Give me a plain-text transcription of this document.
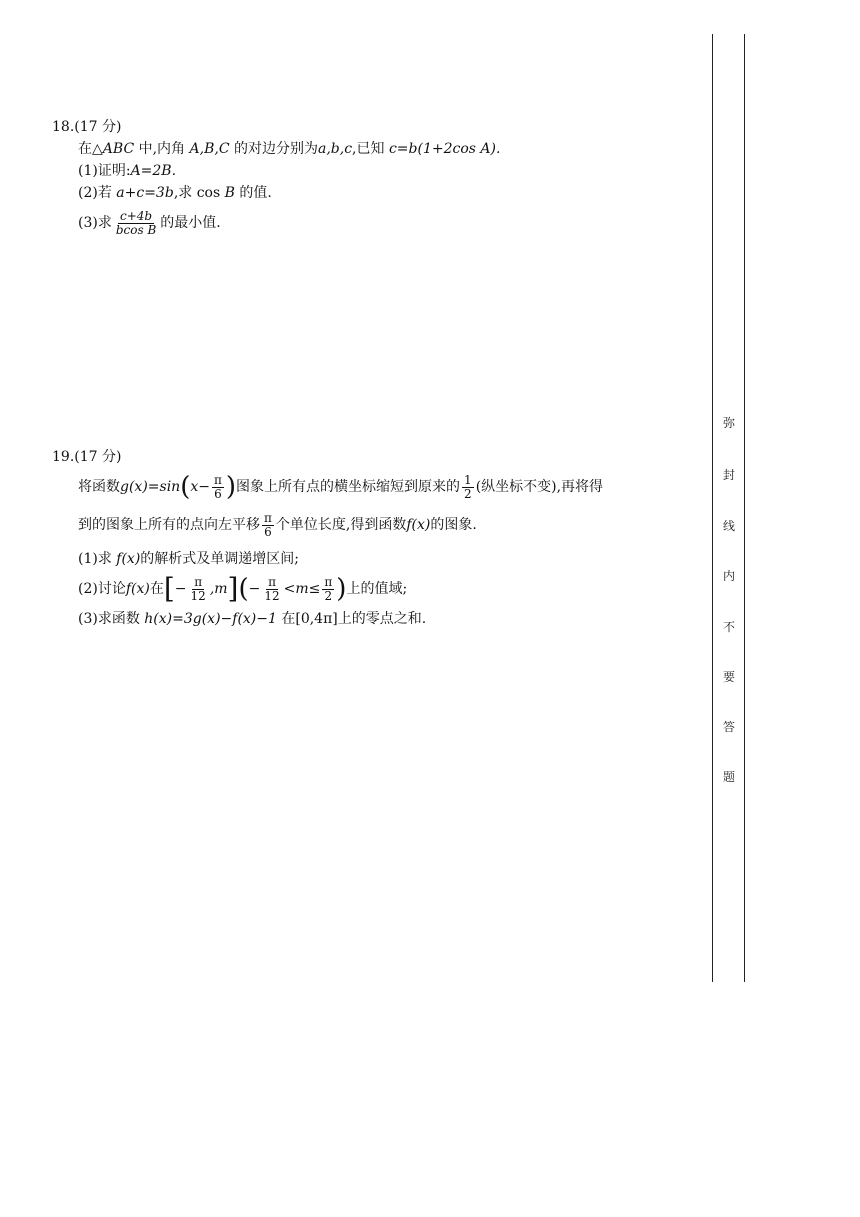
18.(17 分)
在△ABC 中,内角 A,B,C 的对边分别为a,b,c,已知 c=b(1+2cos A).
(1)证明:A=2B.
(2)若 a+c=3b,求 cos B 的值.
(3)求 $\frac{c+4b}{\text{bcos B}}$ 的最小值.
19.(17 分)
将函数 g(x)=sin ( $x- \frac{\pi}{6}$ ) 图象上所有点的横坐标缩短到原来的 $\frac{1}{2}$ (纵坐标不变),再将得
到的图象上所有的点向左平移 $\frac{\pi}{6}$ 个单位长度,得到函数 f(x) 的图象.
(1)求 f(x)的解析式及单调递增区间;
(2)讨论 f(x) 在 [ − $\frac{\pi}{12} ,m$ ] ( − $\frac{\pi}{12} <m\le \frac{\pi}{2}$ ) 上的值域;
(3)求函数 h(x)=3g(x)−f(x)−1 在[0,4π]上的零点之和.
弥
封
线
内
不
要
答
题
